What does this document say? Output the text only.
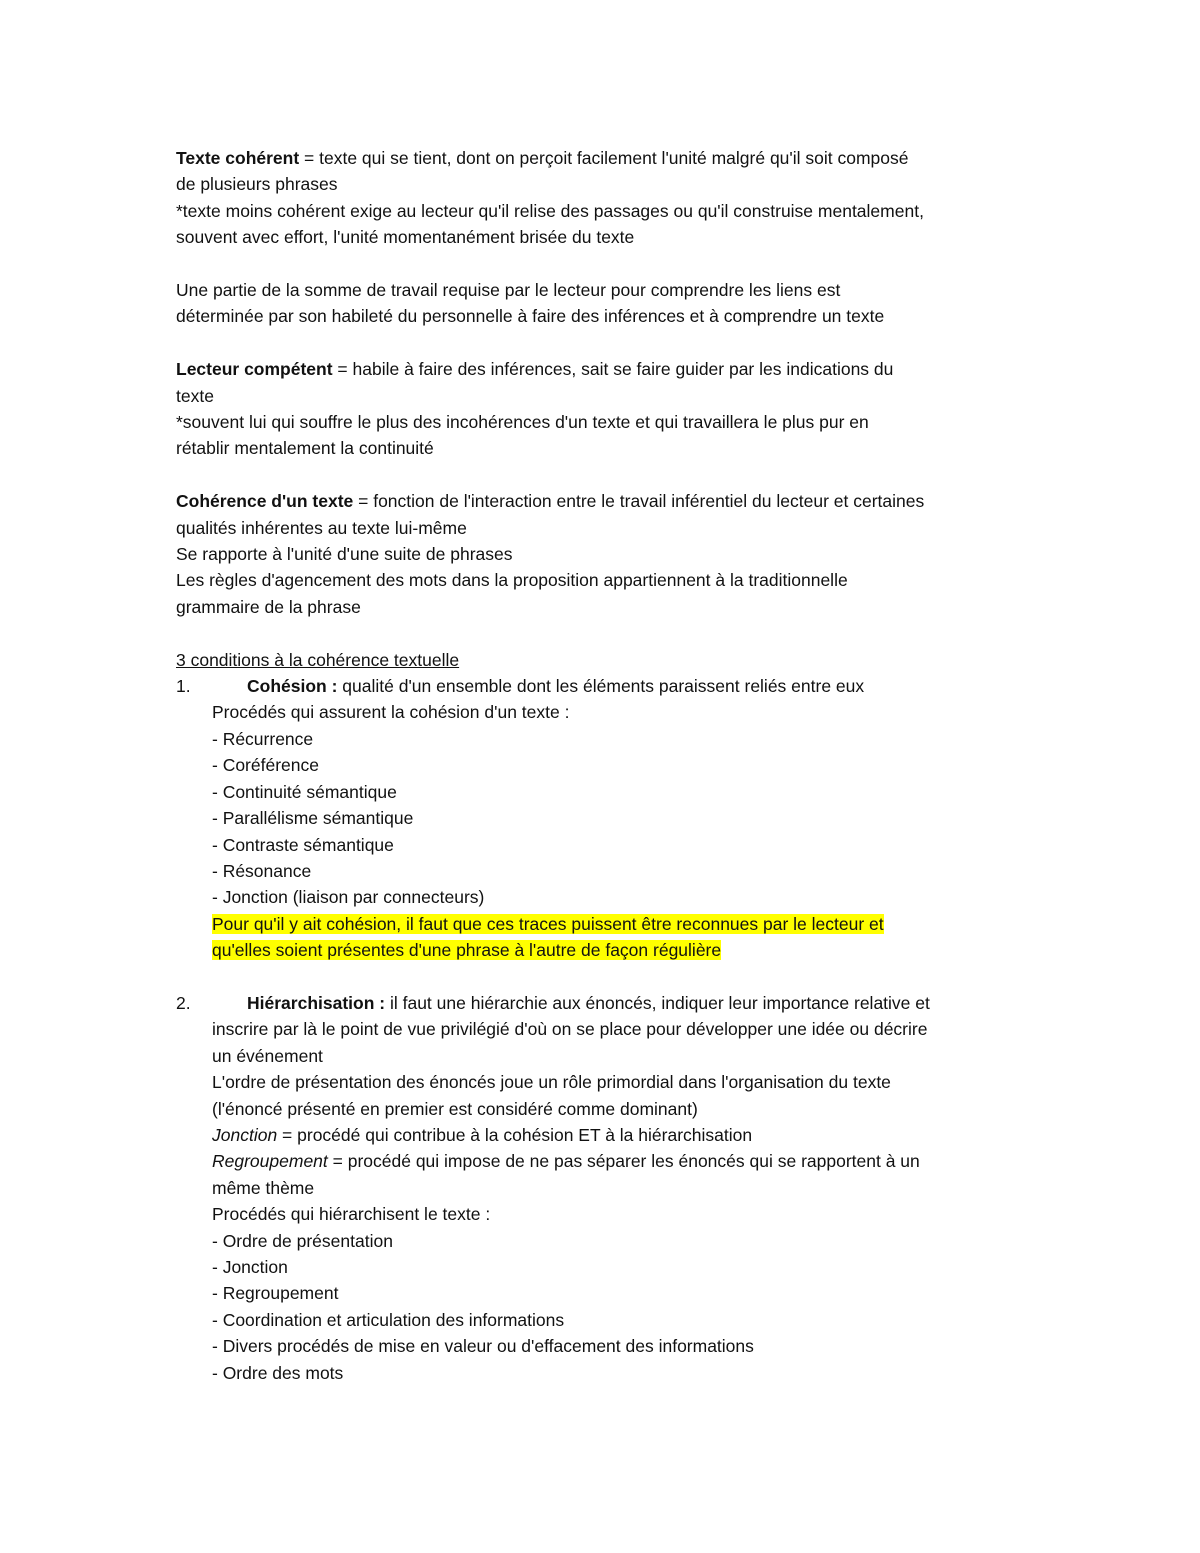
Texte cohérent = texte qui se tient, dont on perçoit facilement l'unité malgré qu'il soit composé

de plusieurs phrases

*texte moins cohérent exige au lecteur qu'il relise des passages ou qu'il construise mentalement,

souvent avec effort, l'unité momentanément brisée du texte

Une partie de la somme de travail requise par le lecteur pour comprendre les liens est

déterminée par son habileté du personnelle à faire des inférences et à comprendre un texte

Lecteur compétent = habile à faire des inférences, sait se faire guider par les indications du

texte

*souvent lui qui souffre le plus des incohérences d'un texte et qui travaillera le plus pur en

rétablir mentalement la continuité

Cohérence d'un texte = fonction de l'interaction entre le travail inférentiel du lecteur et certaines

qualités inhérentes au texte lui-même

Se rapporte à l'unité d'une suite de phrases

Les règles d'agencement des mots dans la proposition appartiennent à la traditionnelle

grammaire de la phrase

3 conditions à la cohérence textuelle

1.	Cohésion : qualité d'un ensemble dont les éléments paraissent reliés entre eux

Procédés qui assurent la cohésion d'un texte :

- Récurrence

- Coréférence

- Continuité sémantique

- Parallélisme sémantique

- Contraste sémantique

- Résonance

- Jonction (liaison par connecteurs)

Pour qu'il y ait cohésion, il faut que ces traces puissent être reconnues par le lecteur et

qu'elles soient présentes d'une phrase à l'autre de façon régulière

2.	Hiérarchisation : il faut une hiérarchie aux énoncés, indiquer leur importance relative et

inscrire par là le point de vue privilégié d'où on se place pour développer une idée ou décrire

un événement

L'ordre de présentation des énoncés joue un rôle primordial dans l'organisation du texte

(l'énoncé présenté en premier est considéré comme dominant)

Jonction = procédé qui contribue à la cohésion ET à la hiérarchisation

Regroupement = procédé qui impose de ne pas séparer les énoncés qui se rapportent à un

même thème

Procédés qui hiérarchisent le texte :

- Ordre de présentation

- Jonction

- Regroupement

- Coordination et articulation des informations

- Divers procédés de mise en valeur ou d'effacement des informations

- Ordre des mots
